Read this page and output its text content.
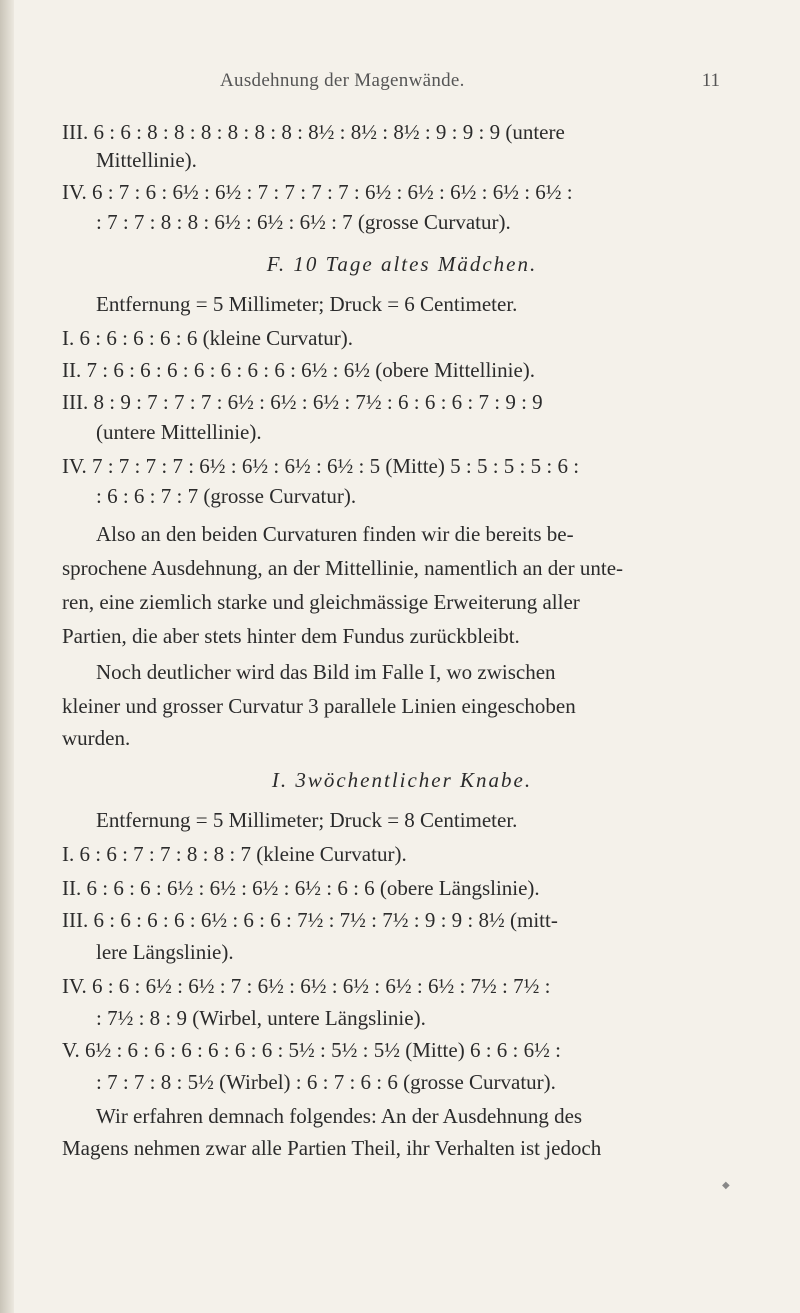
Ausdehnung der Magenwände.	11
III. 6 : 6 : 8 : 8 : 8 : 8 : 8 : 8 : 8½ : 8½ : 8½ : 9 : 9 : 9 (untere
Mittellinie).
IV. 6 : 7 : 6 : 6½ : 6½ : 7 : 7 : 7 : 7 : 6½ : 6½ : 6½ : 6½ : 6½ :
: 7 : 7 : 8 : 8 : 6½ : 6½ : 6½ : 7 (grosse Curvatur).
F. 10 Tage altes Mädchen.
Entfernung = 5 Millimeter; Druck = 6 Centimeter.
I. 6 : 6 : 6 : 6 : 6 (kleine Curvatur).
II. 7 : 6 : 6 : 6 : 6 : 6 : 6 : 6 : 6½ : 6½ (obere Mittellinie).
III. 8 : 9 : 7 : 7 : 7 : 6½ : 6½ : 6½ : 7½ : 6 : 6 : 6 : 7 : 9 : 9
(untere Mittellinie).
IV. 7 : 7 : 7 : 7 : 6½ : 6½ : 6½ : 6½ : 5 (Mitte) 5 : 5 : 5 : 5 : 6 :
: 6 : 6 : 7 : 7 (grosse Curvatur).
Also an den beiden Curvaturen finden wir die bereits be-
sprochene Ausdehnung, an der Mittellinie, namentlich an der unte-
ren, eine ziemlich starke und gleichmässige Erweiterung aller
Partien, die aber stets hinter dem Fundus zurückbleibt.
Noch deutlicher wird das Bild im Falle I, wo zwischen
kleiner und grosser Curvatur 3 parallele Linien eingeschoben
wurden.
I. 3wöchentlicher Knabe.
Entfernung = 5 Millimeter; Druck = 8 Centimeter.
I. 6 : 6 : 7 : 7 : 8 : 8 : 7 (kleine Curvatur).
II. 6 : 6 : 6 : 6½ : 6½ : 6½ : 6½ : 6 : 6 (obere Längslinie).
III. 6 : 6 : 6 : 6 : 6½ : 6 : 6 : 7½ : 7½ : 7½ : 9 : 9 : 8½ (mitt-
lere Längslinie).
IV. 6 : 6 : 6½ : 6½ : 7 : 6½ : 6½ : 6½ : 6½ : 6½ : 7½ : 7½ :
: 7½ : 8 : 9 (Wirbel, untere Längslinie).
V. 6½ : 6 : 6 : 6 : 6 : 6 : 6 : 5½ : 5½ : 5½ (Mitte) 6 : 6 : 6½ :
: 7 : 7 : 8 : 5½ (Wirbel) : 6 : 7 : 6 : 6 (grosse Curvatur).
Wir erfahren demnach folgendes: An der Ausdehnung des
Magens nehmen zwar alle Partien Theil, ihr Verhalten ist jedoch
◆
